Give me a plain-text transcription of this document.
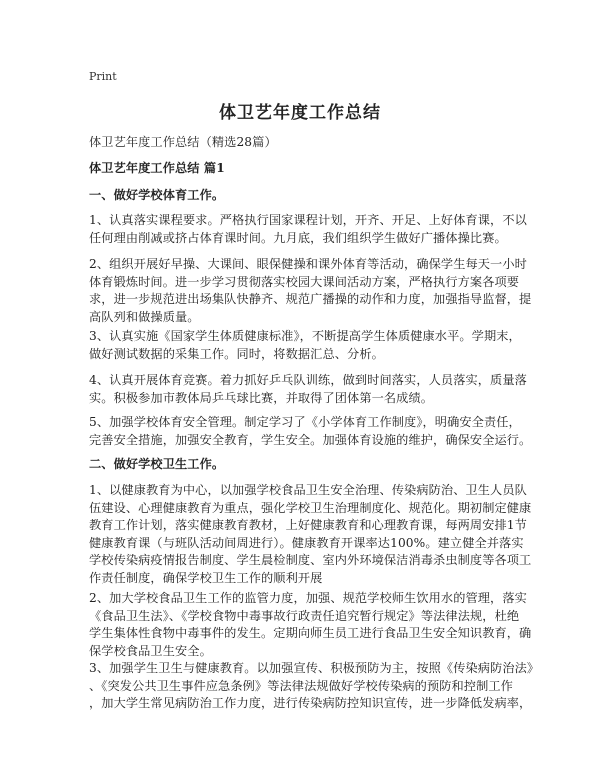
Print
体卫艺年度工作总结

体卫艺年度工作总结（精选28篇）

体卫艺年度工作总结 篇1

一、做好学校体育工作。

1、认真落实课程要求。严格执行国家课程计划，开齐、开足、上好体育课，不以
任何理由削减或挤占体育课时间。九月底，我们组织学生做好广播体操比赛。
2、组织开展好早操、大课间、眼保健操和课外体育等活动，确保学生每天一小时
体育锻炼时间。进一步学习贯彻落实校园大课间活动方案，严格执行方案各项要
求，进一步规范进出场集队快静齐、规范广播操的动作和力度，加强指导监督，提
高队列和做操质量。
3、认真实施《国家学生体质健康标准》，不断提高学生体质健康水平。学期末，
做好测试数据的采集工作。同时，将数据汇总、分析。
4、认真开展体育竞赛。着力抓好乒乓队训练，做到时间落实，人员落实，质量落
实。积极参加市教体局乒乓球比赛，并取得了团体第一名成绩。
5、加强学校体育安全管理。制定学习了《小学体育工作制度》，明确安全责任，
完善安全措施，加强安全教育，学生安全。加强体育设施的维护，确保安全运行。

二、做好学校卫生工作。

1、以健康教育为中心，以加强学校食品卫生安全治理、传染病防治、卫生人员队
伍建设、心理健康教育为重点，强化学校卫生治理制度化、规范化。期初制定健康
教育工作计划，落实健康教育教材，上好健康教育和心理教育课，每两周安排1节
健康教育课（与班队活动间周进行）。健康教育开课率达100%。建立健全并落实
学校传染病疫情报告制度、学生晨检制度、室内外环境保洁消毒杀虫制度等各项工
作责任制度，确保学校卫生工作的顺利开展
2、加大学校食品卫生工作的监管力度，加强、规范学校师生饮用水的管理，落实
《食品卫生法》、《学校食物中毒事故行政责任追究暂行规定》等法律法规，杜绝
学生集体性食物中毒事件的发生。定期向师生员工进行食品卫生安全知识教育，确
保学校食品卫生安全。
3、加强学生卫生与健康教育。以加强宣传、积极预防为主，按照《传染病防治法》
、《突发公共卫生事件应急条例》等法律法规做好学校传染病的预防和控制工作
，加大学生常见病防治工作力度，进行传染病防控知识宣传，进一步降低发病率，
